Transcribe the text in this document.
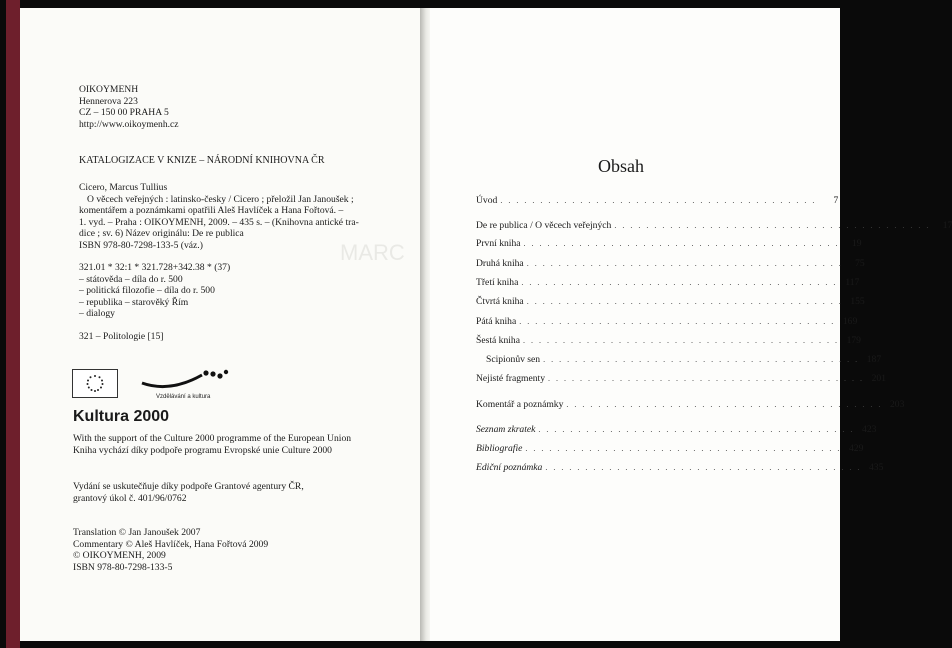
MARC
OIKOYMENH
Hennerova 223
CZ – 150 00 PRAHA 5
http://www.oikoymenh.cz
KATALOGIZACE V KNIZE – NÁRODNÍ KNIHOVNA ČR
Cicero, Marcus Tullius
O věcech veřejných : latinsko-česky / Cicero ; přeložil Jan Janoušek ;
komentářem a poznámkami opatřili Aleš Havlíček a Hana Fořtová. –
1. vyd. – Praha : OIKOYMENH, 2009. – 435 s. – (Knihovna antické tra-
dice ; sv. 6) Název originálu: De re publica
ISBN 978-80-7298-133-5 (váz.)
321.01 * 32:1 * 321.728+342.38 * (37)
– státověda – díla do r. 500
– politická filozofie – díla do r. 500
– republika – starověký Řím
– dialogy
321 – Politologie [15]
Vzdělávání a kultura
Kultura 2000
With the support of the Culture 2000 programme of the European Union
Kniha vychází díky podpoře programu Evropské unie Culture 2000
Vydání se uskutečňuje díky podpoře Grantové agentury ČR,
grantový úkol č. 401/96/0762
Translation © Jan Janoušek 2007
Commentary © Aleš Havlíček, Hana Fořtová 2009
© OIKOYMENH, 2009
ISBN 978-80-7298-133-5
Obsah
Úvod . . . . . . . . . . . . . . . . . . . . . . . . . . . . . . . . . . . . . . . .	7
De re publica / O věcech veřejných . . . . . . . . . . . . . . . . . . . . . . . . . . . . . . . . . . . . . . . .	17
První kniha . . . . . . . . . . . . . . . . . . . . . . . . . . . . . . . . . . . . . . . .	19
Druhá kniha . . . . . . . . . . . . . . . . . . . . . . . . . . . . . . . . . . . . . . . .	75
Třetí kniha . . . . . . . . . . . . . . . . . . . . . . . . . . . . . . . . . . . . . . . . 117
Čtvrtá kniha . . . . . . . . . . . . . . . . . . . . . . . . . . . . . . . . . . . . . . . . 155
Pátá kniha . . . . . . . . . . . . . . . . . . . . . . . . . . . . . . . . . . . . . . . . 169
Šestá kniha . . . . . . . . . . . . . . . . . . . . . . . . . . . . . . . . . . . . . . . . 179
Scipionův sen . . . . . . . . . . . . . . . . . . . . . . . . . . . . . . . . . . . . . . . . 187
Nejisté fragmenty . . . . . . . . . . . . . . . . . . . . . . . . . . . . . . . . . . . . . . . . 201
Komentář a poznámky . . . . . . . . . . . . . . . . . . . . . . . . . . . . . . . . . . . . . . . . 203
Seznam zkratek . . . . . . . . . . . . . . . . . . . . . . . . . . . . . . . . . . . . . . . . 423
Bibliografie . . . . . . . . . . . . . . . . . . . . . . . . . . . . . . . . . . . . . . . . 429
Ediční poznámka . . . . . . . . . . . . . . . . . . . . . . . . . . . . . . . . . . . . . . . . 435
